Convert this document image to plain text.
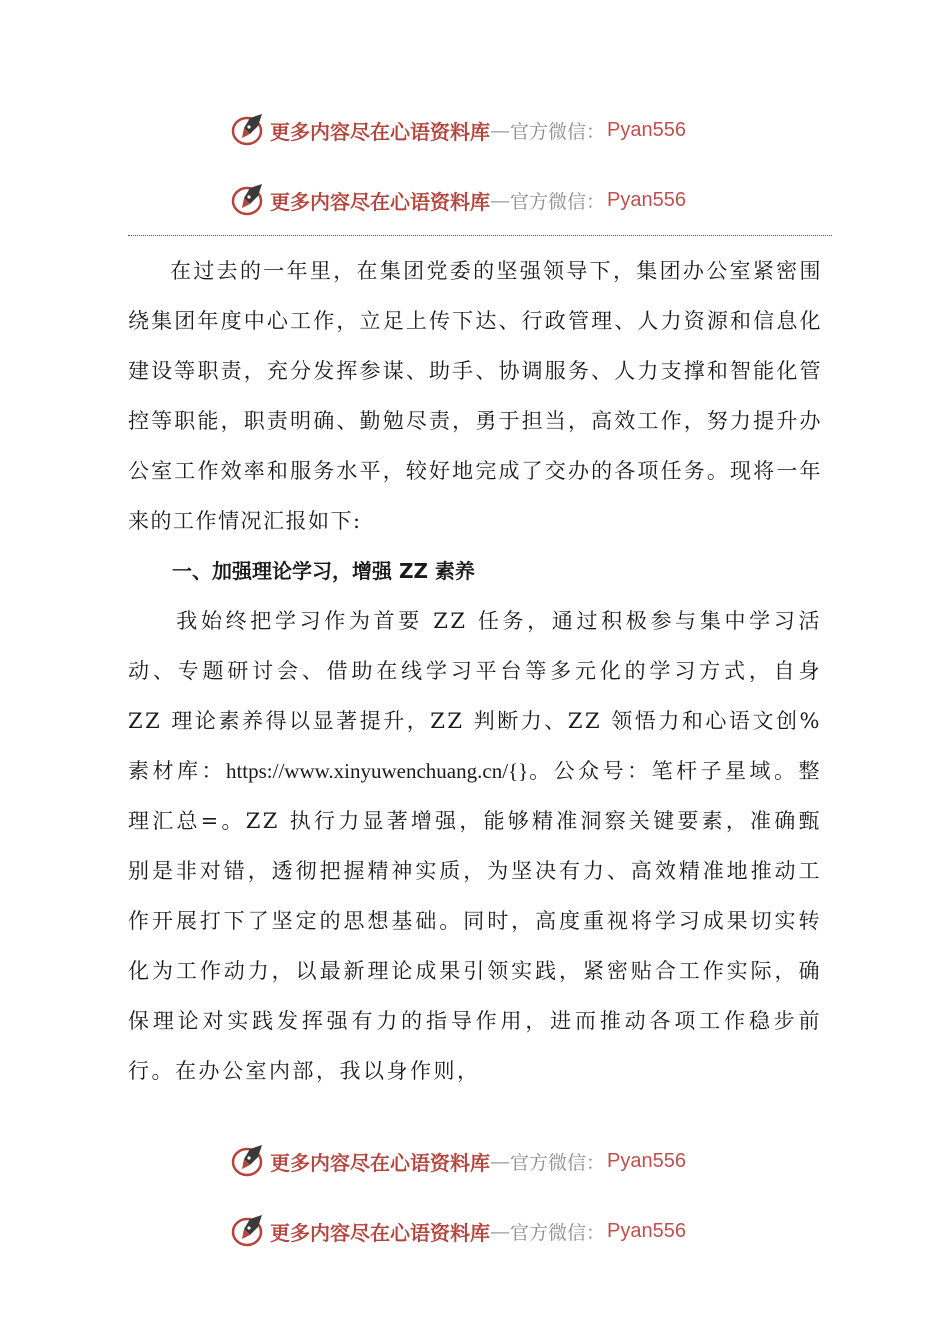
更多内容尽在心语资料库 — 官方微信： Pyan556
更多内容尽在心语资料库 — 官方微信： Pyan556

在过去的一年里，在集团党委的坚强领导下，集团办公室紧密围绕集团年度中心工作，立足上传下达、行政管理、人力资源和信息化建设等职责，充分发挥参谋、助手、协调服务、人力支撑和智能化管控等职能，职责明确、勤勉尽责，勇于担当，高效工作，努力提升办公室工作效率和服务水平，较好地完成了交办的各项任务。现将一年来的工作情况汇报如下:

一、加强理论学习，增强 ZZ 素养

我始终把学习作为首要 ZZ 任务，通过积极参与集中学习活动、专题研讨会、借助在线学习平台等多元化的学习方式，自身 ZZ 理论素养得以显著提升，ZZ 判断力、ZZ 领悟力和心语文创%素材库：https://www.xinyuwenchuang.cn/{}。公众号：笔杆子星域。整理汇总=。ZZ 执行力显著增强，能够精准洞察关键要素，准确甄别是非对错，透彻把握精神实质，为坚决有力、高效精准地推动工作开展打下了坚定的思想基础。同时，高度重视将学习成果切实转化为工作动力，以最新理论成果引领实践，紧密贴合工作实际，确保理论对实践发挥强有力的指导作用，进而推动各项工作稳步前行。在办公室内部，我以身作则，

更多内容尽在心语资料库 — 官方微信： Pyan556
更多内容尽在心语资料库 — 官方微信： Pyan556
